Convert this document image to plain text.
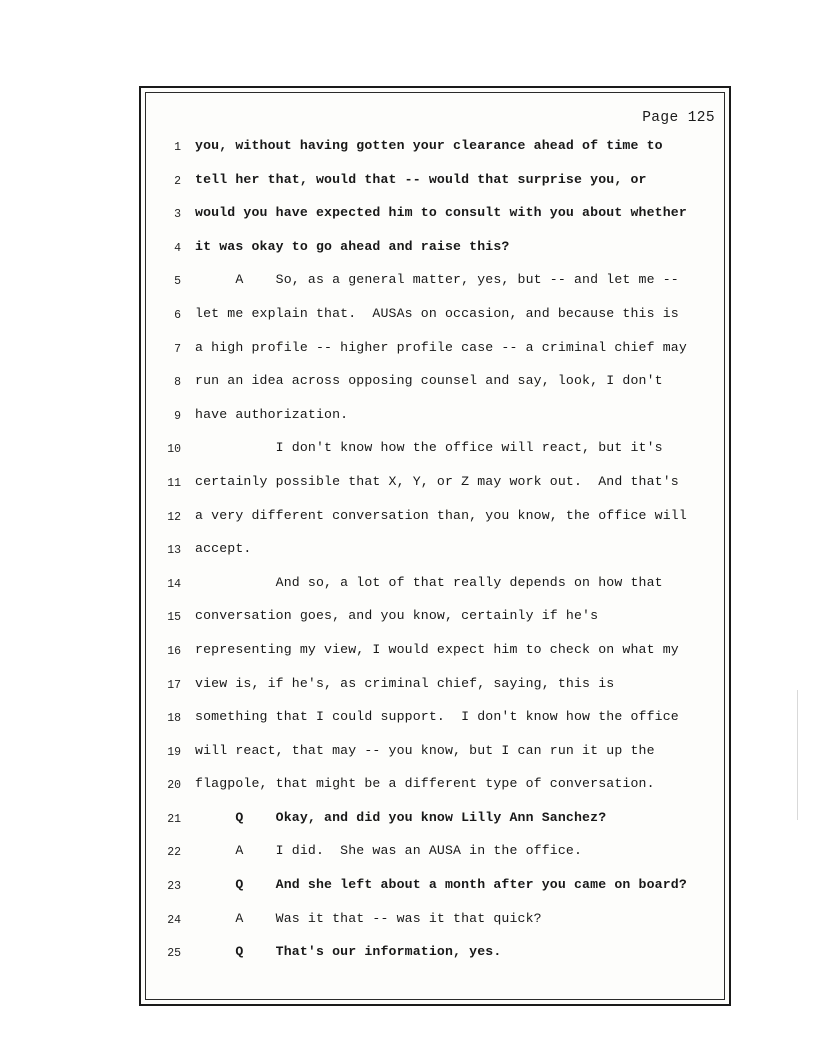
Page 125
1 you, without having gotten your clearance ahead of time to
2 tell her that, would that -- would that surprise you, or
3 would you have expected him to consult with you about whether
4 it was okay to go ahead and raise this?
5 A    So, as a general matter, yes, but -- and let me --
6 let me explain that.  AUSAs on occasion, and because this is
7 a high profile -- higher profile case -- a criminal chief may
8 run an idea across opposing counsel and say, look, I don't
9 have authorization.
10 I don't know how the office will react, but it's
11 certainly possible that X, Y, or Z may work out.  And that's
12 a very different conversation than, you know, the office will
13 accept.
14 And so, a lot of that really depends on how that
15 conversation goes, and you know, certainly if he's
16 representing my view, I would expect him to check on what my
17 view is, if he's, as criminal chief, saying, this is
18 something that I could support.  I don't know how the office
19 will react, that may -- you know, but I can run it up the
20 flagpole, that might be a different type of conversation.
21 Q    Okay, and did you know Lilly Ann Sanchez?
22 A    I did.  She was an AUSA in the office.
23 Q    And she left about a month after you came on board?
24 A    Was it that -- was it that quick?
25 Q    That's our information, yes.
